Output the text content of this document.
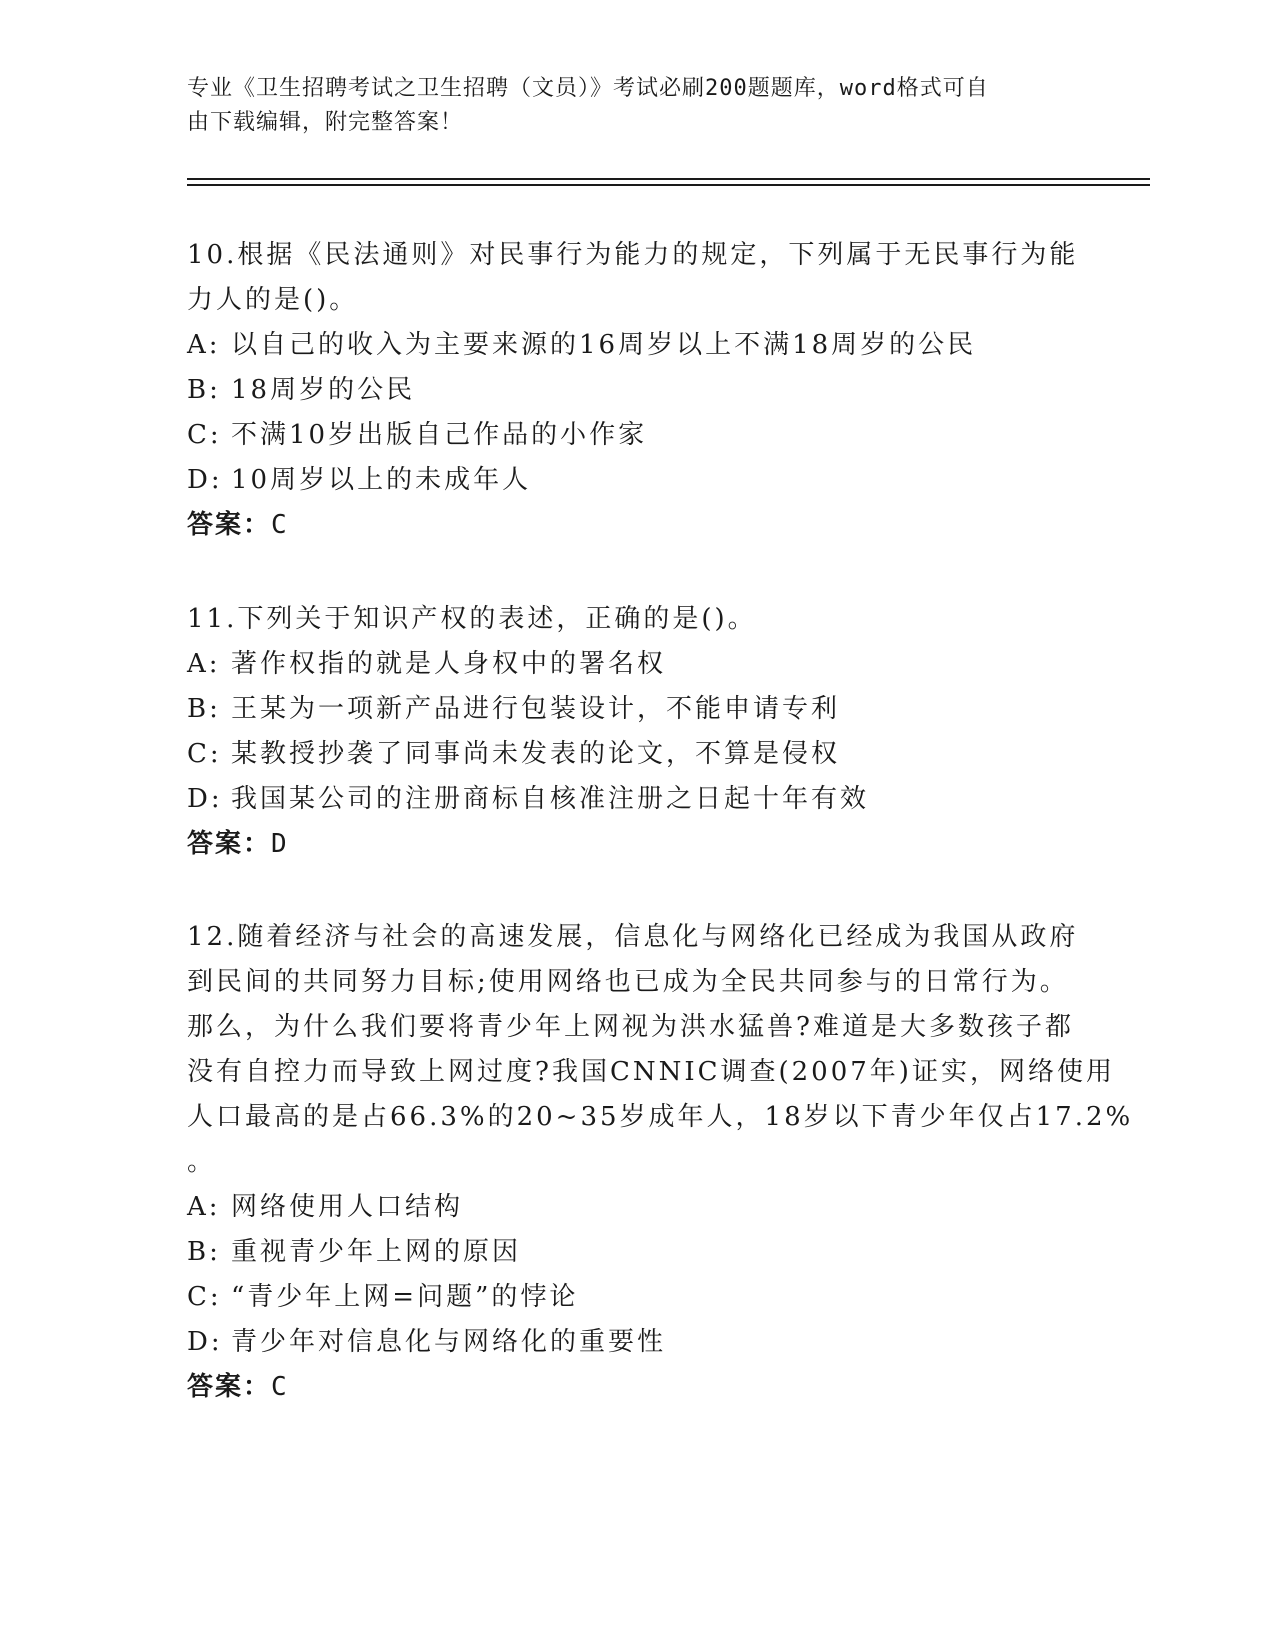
专业《卫生招聘考试之卫生招聘（文员）》考试必刷200题题库，word格式可自
由下载编辑，附完整答案！
10.根据《民法通则》对民事行为能力的规定，下列属于无民事行为能
力人的是()。
A: 以自己的收入为主要来源的16周岁以上不满18周岁的公民
B: 18周岁的公民
C: 不满10岁出版自己作品的小作家
D: 10周岁以上的未成年人
答案：C
11.下列关于知识产权的表述，正确的是()。
A: 著作权指的就是人身权中的署名权
B: 王某为一项新产品进行包装设计，不能申请专利
C: 某教授抄袭了同事尚未发表的论文，不算是侵权
D: 我国某公司的注册商标自核准注册之日起十年有效
答案：D
12.随着经济与社会的高速发展，信息化与网络化已经成为我国从政府
到民间的共同努力目标;使用网络也已成为全民共同参与的日常行为。
那么，为什么我们要将青少年上网视为洪水猛兽?难道是大多数孩子都
没有自控力而导致上网过度?我国CNNIC调查(2007年)证实，网络使用
人口最高的是占66.3%的20~35岁成年人，18岁以下青少年仅占17.2%
。
A: 网络使用人口结构
B: 重视青少年上网的原因
C: “青少年上网=问题”的悖论
D: 青少年对信息化与网络化的重要性
答案：C
